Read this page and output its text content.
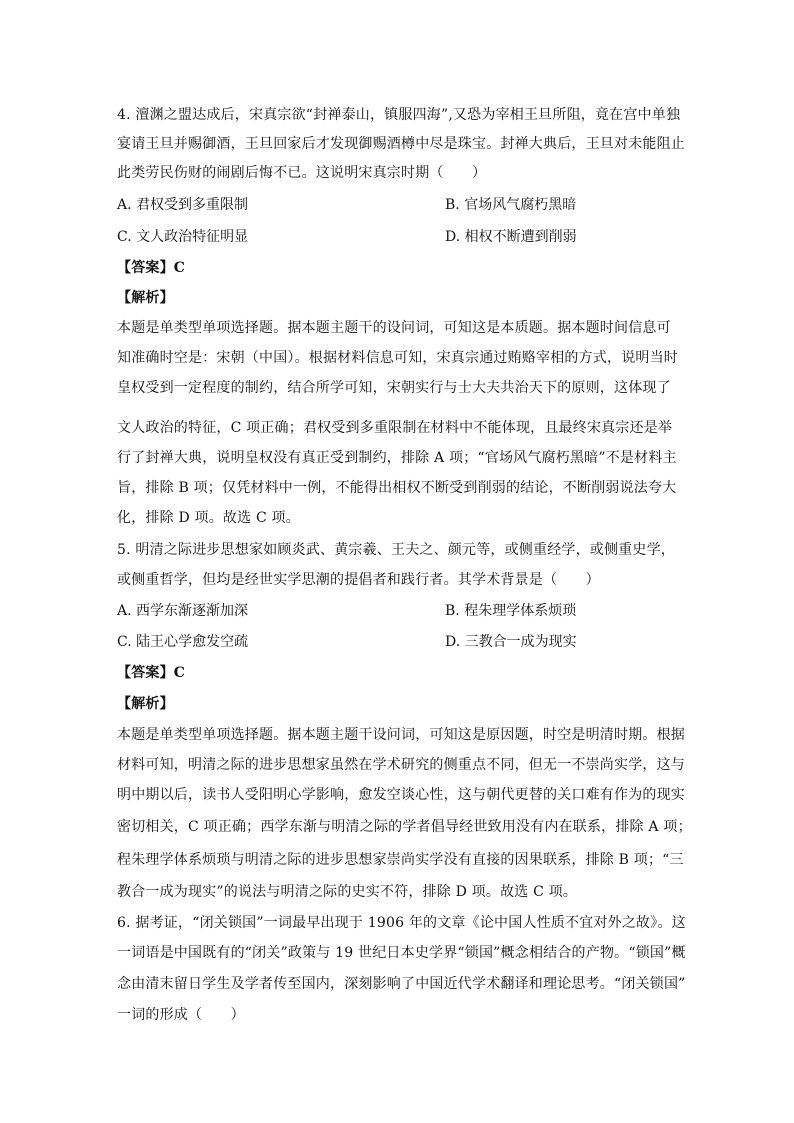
4. 澶渊之盟达成后，宋真宗欲“封禅泰山，镇服四海”,又恐为宰相王旦所阻，竟在宫中单独
宴请王旦并赐御酒，王旦回家后才发现御赐酒樽中尽是珠宝。封禅大典后，王旦对未能阻止
此类劳民伤财的闹剧后悔不已。这说明宋真宗时期（　　）
A. 君权受到多重限制	B. 官场风气腐朽黑暗
C. 文人政治特征明显	D. 相权不断遭到削弱
【答案】C
【解析】
本题是单类型单项选择题。据本题主题干的设问词，可知这是本质题。据本题时间信息可
知准确时空是：宋朝（中国）。根据材料信息可知，宋真宗通过贿赂宰相的方式，说明当时
皇权受到一定程度的制约，结合所学可知，宋朝实行与士大夫共治天下的原则，这体现了
文人政治的特征，C 项正确；君权受到多重限制在材料中不能体现，且最终宋真宗还是举
行了封禅大典，说明皇权没有真正受到制约，排除 A 项；“官场风气腐朽黑暗”不是材料主
旨，排除 B 项；仅凭材料中一例，不能得出相权不断受到削弱的结论，不断削弱说法夸大
化，排除 D 项。故选 C 项。
5. 明清之际进步思想家如顾炎武、黄宗羲、王夫之、颜元等，或侧重经学，或侧重史学，
或侧重哲学，但均是经世实学思潮的提倡者和践行者。其学术背景是（　　）
A. 西学东渐逐渐加深	B. 程朱理学体系烦琐
C. 陆王心学愈发空疏	D. 三教合一成为现实
【答案】C
【解析】
本题是单类型单项选择题。据本题主题干设问词，可知这是原因题，时空是明清时期。根据
材料可知，明清之际的进步思想家虽然在学术研究的侧重点不同，但无一不崇尚实学，这与
明中期以后，读书人受阳明心学影响，愈发空谈心性，这与朝代更替的关口难有作为的现实
密切相关，C 项正确；西学东渐与明清之际的学者倡导经世致用没有内在联系，排除 A 项；
程朱理学体系烦琐与明清之际的进步思想家崇尚实学没有直接的因果联系，排除 B 项；“三
教合一成为现实”的说法与明清之际的史实不符，排除 D 项。故选 C 项。
6. 据考证，“闭关锁国”一词最早出现于 1906 年的文章《论中国人性质不宜对外之故》。这
一词语是中国既有的“闭关”政策与 19 世纪日本史学界“锁国”概念相结合的产物。“锁国”概
念由清末留日学生及学者传至国内，深刻影响了中国近代学术翻译和理论思考。“闭关锁国”
一词的形成（　　）
